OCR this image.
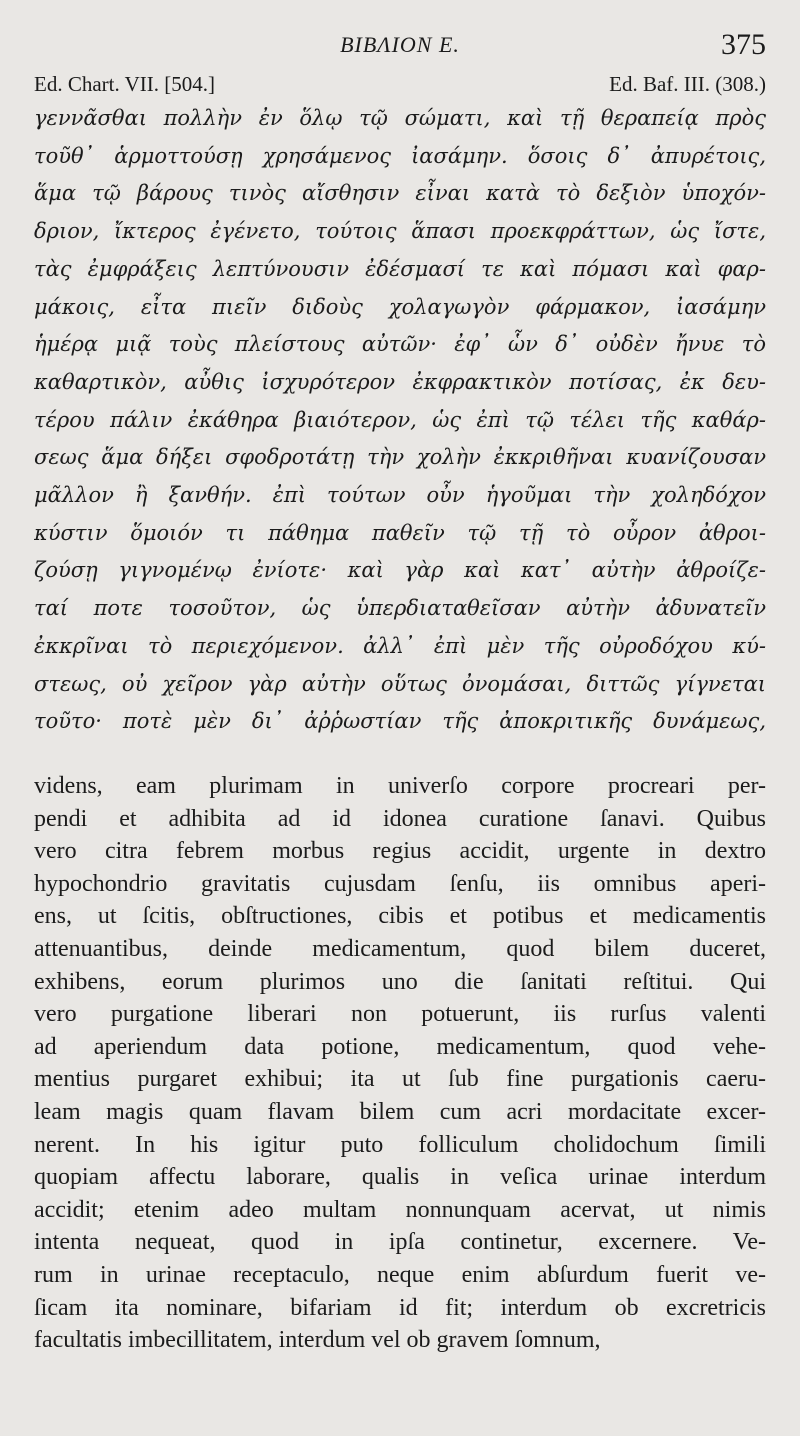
BIBΛΙΟΝ Ε.	375
Ed. Chart. VII. [504.]	Ed. Baf. III. (308.)
γεννᾶσθαι πολλὴν ἐν ὅλῳ τῷ σώματι, καὶ τῇ θεραπείᾳ πρὸς
τοῦθ᾽ ἁρμοττούσῃ χρησάμενος ἰασάμην. ὅσοις δ᾽ ἀπυρέτοις,
ἅμα τῷ βάρους τινὸς αἴσθησιν εἶναι κατὰ τὸ δεξιὸν ὑποχόν-
δριον, ἴκτερος ἐγένετο, τούτοις ἅπασι προεκφράττων, ὡς ἴστε,
τὰς ἐμφράξεις λεπτύνουσιν ἐδέσμασί τε καὶ πόμασι καὶ φαρ-
μάκοις, εἶτα πιεῖν διδοὺς χολαγωγὸν φάρμακον, ἰασάμην
ἡμέρᾳ μιᾷ τοὺς πλείστους αὐτῶν· ἐφ᾽ ὧν δ᾽ οὐδὲν ἤνυε τὸ
καθαρτικὸν, αὖθις ἰσχυρότερον ἐκφρακτικὸν ποτίσας, ἐκ δευ-
τέρου πάλιν ἐκάθηρα βιαιότερον, ὡς ἐπὶ τῷ τέλει τῆς καθάρ-
σεως ἅμα δήξει σφοδροτάτῃ τὴν χολὴν ἐκκριθῆναι κυανίζουσαν
μᾶλλον ἢ ξανθήν. ἐπὶ τούτων οὖν ἡγοῦμαι τὴν χοληδόχον
κύστιν ὅμοιόν τι πάθημα παθεῖν τῷ τῇ τὸ οὖρον ἀθροι-
ζούσῃ γιγνομένῳ ἐνίοτε· καὶ γὰρ καὶ κατ᾽ αὐτὴν ἀθροίζε-
ταί ποτε τοσοῦτον, ὡς ὑπερδιαταθεῖσαν αὐτὴν ἀδυνατεῖν
ἐκκρῖναι τὸ περιεχόμενον. ἀλλ᾽ ἐπὶ μὲν τῆς οὐροδόχου κύ-
στεως, οὐ χεῖρον γὰρ αὐτὴν οὕτως ὀνομάσαι, διττῶς γίγνεται
τοῦτο· ποτὲ μὲν δι᾽ ἀῤῥωστίαν τῆς ἀποκριτικῆς δυνάμεως,
videns, eam plurimam in univerſo corpore procreari per-
pendi et adhibita ad id idonea curatione ſanavi. Quibus
vero citra febrem morbus regius accidit, urgente in dextro
hypochondrio gravitatis cujusdam ſenſu, iis omnibus aperi-
ens, ut ſcitis, obſtructiones, cibis et potibus et medicamentis
attenuantibus, deinde medicamentum, quod bilem duceret,
exhibens, eorum plurimos uno die ſanitati reſtitui. Qui
vero purgatione liberari non potuerunt, iis rurſus valenti
ad aperiendum data potione, medicamentum, quod vehe-
mentius purgaret exhibui; ita ut ſub fine purgationis caeru-
leam magis quam flavam bilem cum acri mordacitate excer-
nerent. In his igitur puto folliculum cholidochum ſimili
quopiam affectu laborare, qualis in veſica urinae interdum
accidit; etenim adeo multam nonnunquam acervat, ut nimis
intenta nequeat, quod in ipſa continetur, excernere. Ve-
rum in urinae receptaculo, neque enim abſurdum fuerit ve-
ſicam ita nominare, bifariam id fit; interdum ob excretricis
facultatis imbecillitatem, interdum vel ob gravem ſomnum,
